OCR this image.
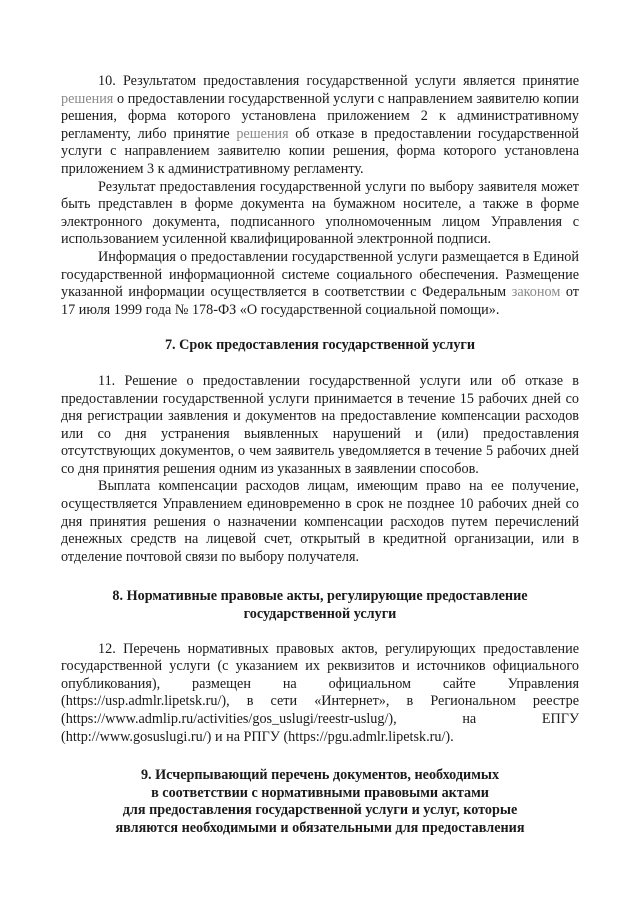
10. Результатом предоставления государственной услуги является принятие решения о предоставлении государственной услуги с направлением заявителю копии решения, форма которого установлена приложением 2 к административному регламенту, либо принятие решения об отказе в предоставлении государственной услуги с направлением заявителю копии решения, форма которого установлена приложением 3 к административному регламенту.

Результат предоставления государственной услуги по выбору заявителя может быть представлен в форме документа на бумажном носителе, а также в форме электронного документа, подписанного уполномоченным лицом Управления с использованием усиленной квалифицированной электронной подписи.

Информация о предоставлении государственной услуги размещается в Единой государственной информационной системе социального обеспечения. Размещение указанной информации осуществляется в соответствии с Федеральным законом от 17 июля 1999 года № 178-ФЗ «О государственной социальной помощи».

7. Срок предоставления государственной услуги

11. Решение о предоставлении государственной услуги или об отказе в предоставлении государственной услуги принимается в течение 15 рабочих дней со дня регистрации заявления и документов на предоставление компенсации расходов или со дня устранения выявленных нарушений и (или) предоставления отсутствующих документов, о чем заявитель уведомляется в течение 5 рабочих дней со дня принятия решения одним из указанных в заявлении способов.

Выплата компенсации расходов лицам, имеющим право на ее получение, осуществляется Управлением единовременно в срок не позднее 10 рабочих дней со дня принятия решения о назначении компенсации расходов путем перечислений денежных средств на лицевой счет, открытый в кредитной организации, или в отделение почтовой связи по выбору получателя.

8. Нормативные правовые акты, регулирующие предоставление
государственной услуги

12. Перечень нормативных правовых актов, регулирующих предоставление государственной услуги (с указанием их реквизитов и источников официального опубликования), размещен на официальном сайте Управления (https://usp.admlr.lipetsk.ru/), в сети «Интернет», в Региональном реестре (https://www.admlip.ru/activities/gos_uslugi/reestr-uslug/), на ЕПГУ

(http://www.gosuslugi.ru/) и на РПГУ (https://pgu.admlr.lipetsk.ru/).

9. Исчерпывающий перечень документов, необходимых
в соответствии с нормативными правовыми актами
для предоставления государственной услуги и услуг, которые
являются необходимыми и обязательными для предоставления
